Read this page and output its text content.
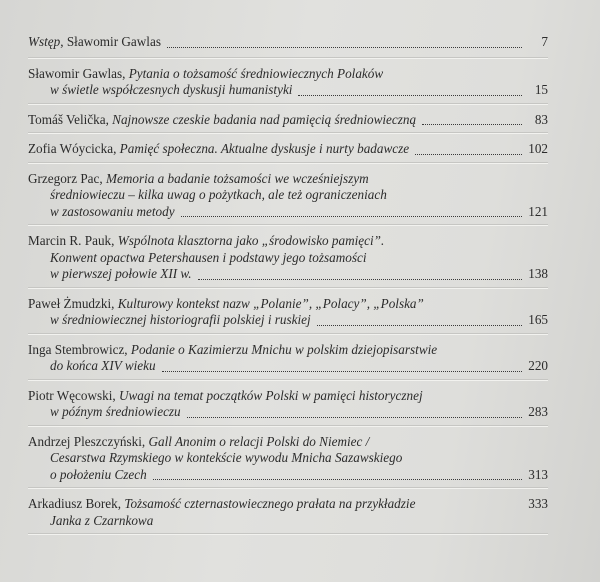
Wstęp, Sławomir Gawlas	7
Sławomir Gawlas, Pytania o tożsamość średniowiecznych Polaków
w świetle współczesnych dyskusji humanistyki	15
Tomáš Velička, Najnowsze czeskie badania nad pamięcią średniowieczną	83
Zofia Wóycicka, Pamięć społeczna. Aktualne dyskusje i nurty badawcze	102
Grzegorz Pac, Memoria a badanie tożsamości we wcześniejszym
średniowieczu – kilka uwag o pożytkach, ale też ograniczeniach
w zastosowaniu metody	121
Marcin R. Pauk, Wspólnota klasztorna jako „środowisko pamięci”.
Konwent opactwa Petershausen i podstawy jego tożsamości
w pierwszej połowie XII w.	138
Paweł Żmudzki, Kulturowy kontekst nazw „Polanie”, „Polacy”, „Polska”
w średniowiecznej historiografii polskiej i ruskiej	165
Inga Stembrowicz, Podanie o Kazimierzu Mnichu w polskim dziejopisarstwie
do końca XIV wieku	220
Piotr Węcowski, Uwagi na temat początków Polski w pamięci historycznej
w późnym średniowieczu	283
Andrzej Pleszczyński, Gall Anonim o relacji Polski do Niemiec /
Cesarstwa Rzymskiego w kontekście wywodu Mnicha Sazawskiego
o położeniu Czech	313
Arkadiusz Borek, Tożsamość czternastowiecznego prałata na przykładzie	333
Janka z Czarnkowa
